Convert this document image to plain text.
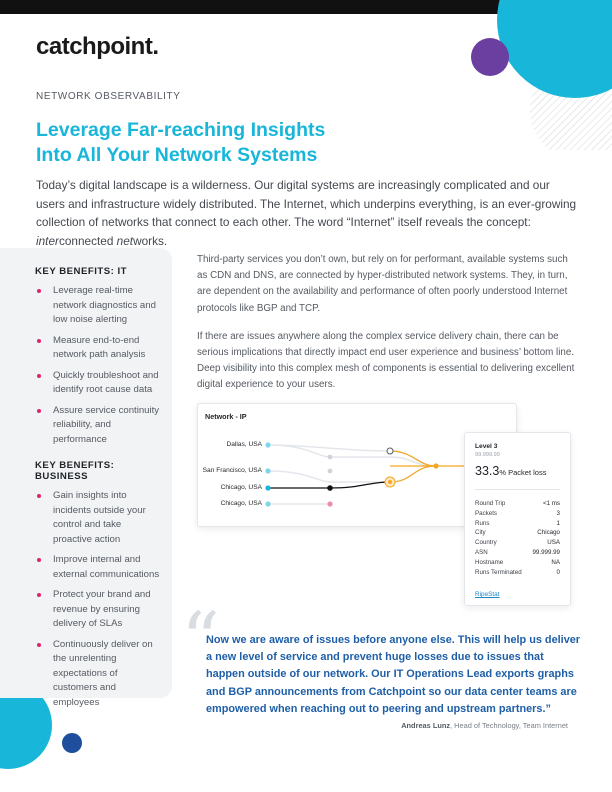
catchpoint.
NETWORK OBSERVABILITY
Leverage Far-reaching Insights
Into All Your Network Systems

Today’s digital landscape is a wilderness. Our digital systems are increasingly complicated and our users and infrastructure widely distributed. The Internet, which underpins everything, is an ever-growing collection of networks that connect to each other. The word “Internet” itself reveals the concept: interconnected networks.

KEY BENEFITS: IT
Leverage real-time network diagnostics and low noise alerting
Measure end-to-end network path analysis
Quickly troubleshoot and identify root cause data
Assure service continuity reliability, and performance
KEY BENEFITS: BUSINESS
Gain insights into incidents outside your control and take proactive action
Improve internal and external communications
Protect your brand and revenue by ensuring delivery of SLAs
Continuously deliver on the unrelenting expectations of customers and employees

Third-party services you don’t own, but rely on for performant, available systems such as CDN and DNS, are connected by hyper-distributed network systems. They, in turn, are dependent on the availability and performance of often poorly understood Internet protocols like BGP and TCP.

If there are issues anywhere along the complex service delivery chain, there can be serious implications that directly impact end user experience and business’ bottom line. Deep visibility into this complex mesh of components is essential to delivering excellent digital experience to your users.

Network - IP
Dallas, USA
San Francisco, USA
Chicago, USA
Chicago, USA
Level 3
99.999.99
33.3% Packet loss
Round Trip	<1 ms
Packets	3
Runs	1
City	Chicago
Country	USA
ASN	99.999.99
Hostname	NA
Runs Terminated	0
RipeStat
“
Now we are aware of issues before anyone else. This will help us deliver a new level of service and prevent huge losses due to issues that happen outside of our network. Our IT Operations Lead exports graphs and BGP announcements from Catchpoint so our data center teams are empowered when reaching out to peering and upstream partners.”
Andreas Lunz, Head of Technology, Team Internet
